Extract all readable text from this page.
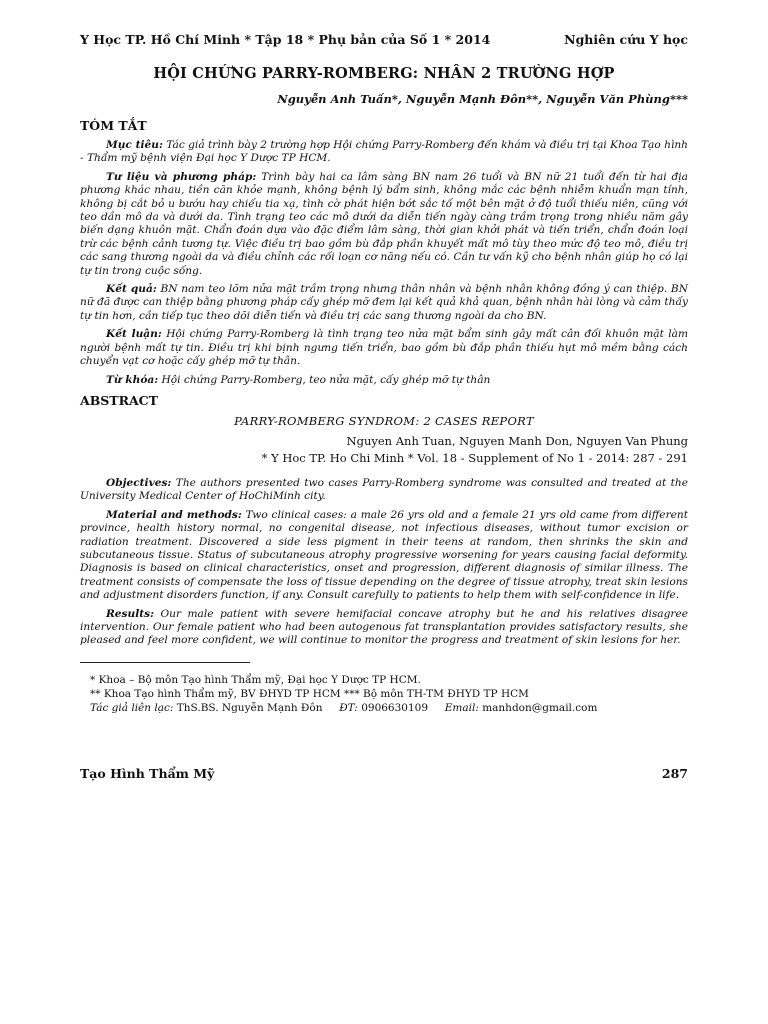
Y Học TP. Hồ Chí Minh * Tập 18 * Phụ bản của Số 1 * 2014	Nghiên cứu Y học
HỘI CHỨNG PARRY-ROMBERG: NHÂN 2 TRƯỜNG HỢP
Nguyễn Anh Tuấn*, Nguyễn Mạnh Đôn**, Nguyễn Văn Phùng***
TÓM TẮT

Mục tiêu: Tác giả trình bày 2 trường hợp Hội chứng Parry-Romberg đến khám và điều trị tại Khoa Tạo hình - Thẩm mỹ bệnh viện Đại học Y Dược TP HCM.

Tư liệu và phương pháp: Trình bày hai ca lâm sàng BN nam 26 tuổi và BN nữ 21 tuổi đến từ hai địa phương khác nhau, tiền căn khỏe mạnh, không bệnh lý bẩm sinh, không mắc các bệnh nhiễm khuẩn mạn tính, không bị cắt bỏ u bướu hay chiếu tia xạ, tình cờ phát hiện bớt sắc tố một bên mặt ở độ tuổi thiếu niên, cũng với teo dần mô da và dưới da. Tình trạng teo các mô dưới da diễn tiến ngày càng trầm trọng trong nhiều năm gây biến dạng khuôn mặt. Chẩn đoán dựa vào đặc điểm lâm sàng, thời gian khởi phát và tiến triển, chẩn đoán loại trừ các bệnh cảnh tương tự. Việc điều trị bao gồm bù đắp phần khuyết mất mô tùy theo mức độ teo mô, điều trị các sang thương ngoài da và điều chỉnh các rối loạn cơ năng nếu có. Cần tư vấn kỹ cho bệnh nhân giúp họ có lại tự tin trong cuộc sống.

Kết quả: BN nam teo lõm nửa mặt trầm trọng nhưng thân nhân và bệnh nhân không đồng ý can thiệp. BN nữ đã được can thiệp bằng phương pháp cấy ghép mỡ đem lại kết quả khả quan, bệnh nhân hài lòng và cảm thấy tự tin hơn, cần tiếp tục theo dõi diễn tiến và điều trị các sang thương ngoài da cho BN.

Kết luận: Hội chứng Parry-Romberg là tình trạng teo nửa mặt bẩm sinh gây mất cân đối khuôn mặt làm người bệnh mất tự tin. Điều trị khi bịnh ngưng tiến triển, bao gồm bù đắp phần thiếu hụt mô mềm bằng cách chuyển vạt cơ hoặc cấy ghép mỡ tự thân.

Từ khóa: Hội chứng Parry-Romberg, teo nửa mặt, cấy ghép mỡ tự thân

ABSTRACT
PARRY-ROMBERG SYNDROM: 2 CASES REPORT
Nguyen Anh Tuan, Nguyen Manh Don, Nguyen Van Phung
* Y Hoc TP. Ho Chi Minh * Vol. 18 - Supplement of No 1 - 2014: 287 - 291

Objectives: The authors presented two cases Parry-Romberg syndrome was consulted and treated at the University Medical Center of HoChiMinh city.

Material and methods: Two clinical cases: a male 26 yrs old and a female 21 yrs old came from different province, health history normal, no congenital disease, not infectious diseases, without tumor excision or radiation treatment. Discovered a side less pigment in their teens at random, then shrinks the skin and subcutaneous tissue. Status of subcutaneous atrophy progressive worsening for years causing facial deformity. Diagnosis is based on clinical characteristics, onset and progression, different diagnosis of similar illness. The treatment consists of compensate the loss of tissue depending on the degree of tissue atrophy, treat skin lesions and adjustment disorders function, if any. Consult carefully to patients to help them with self-confidence in life.

Results: Our male patient with severe hemifacial concave atrophy but he and his relatives disagree intervention. Our female patient who had been autogenous fat transplantation provides satisfactory results, she pleased and feel more confident, we will continue to monitor the progress and treatment of skin lesions for her.

* Khoa – Bộ môn Tạo hình Thẩm mỹ, Đại học Y Dược TP HCM.
** Khoa Tạo hình Thẩm mỹ, BV ĐHYD TP HCM *** Bộ môn TH-TM ĐHYD TP HCM
Tác giả liên lạc: ThS.BS. Nguyễn Mạnh Đôn ĐT: 0906630109 Email: manhdon@gmail.com
Tạo Hình Thẩm Mỹ	287
